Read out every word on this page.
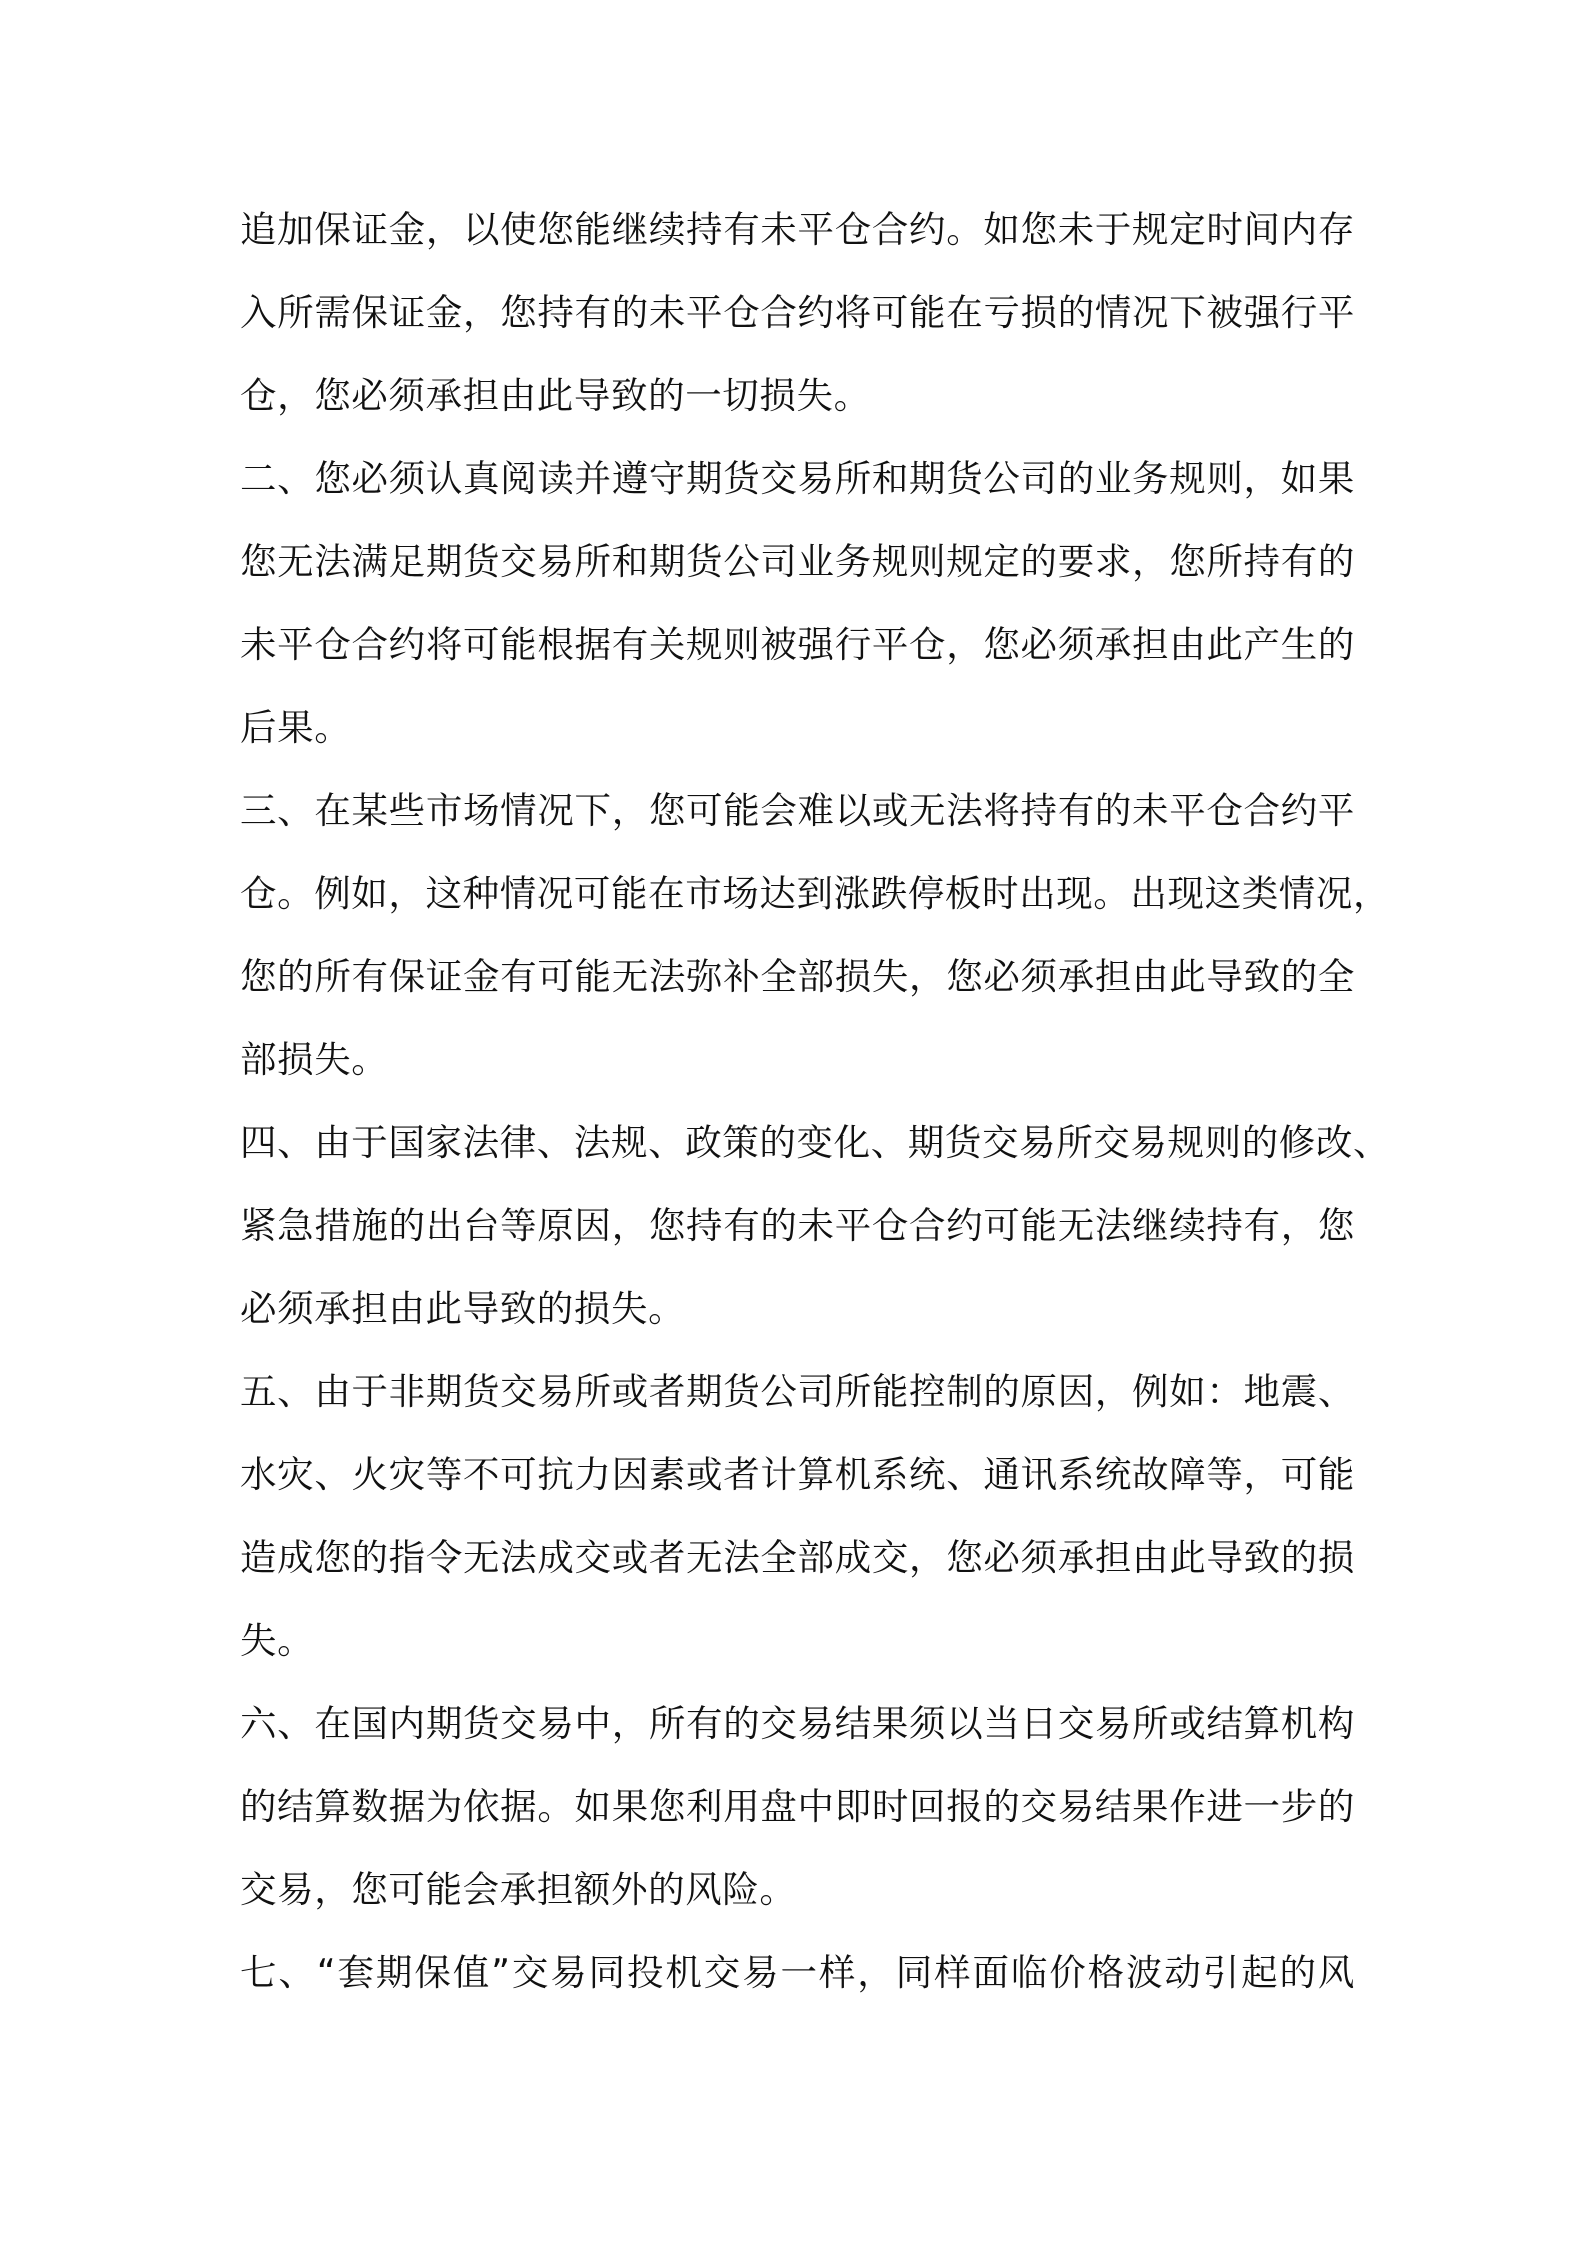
追加保证金，以使您能继续持有未平仓合约。如您未于规定时间内存
入所需保证金，您持有的未平仓合约将可能在亏损的情况下被强行平
仓，您必须承担由此导致的一切损失。
二、您必须认真阅读并遵守期货交易所和期货公司的业务规则，如果
您无法满足期货交易所和期货公司业务规则规定的要求，您所持有的
未平仓合约将可能根据有关规则被强行平仓，您必须承担由此产生的
后果。
三、在某些市场情况下，您可能会难以或无法将持有的未平仓合约平
仓。例如，这种情况可能在市场达到涨跌停板时出现。出现这类情况，
您的所有保证金有可能无法弥补全部损失，您必须承担由此导致的全
部损失。
四、由于国家法律、法规、政策的变化、期货交易所交易规则的修改、
紧急措施的出台等原因，您持有的未平仓合约可能无法继续持有，您
必须承担由此导致的损失。
五、由于非期货交易所或者期货公司所能控制的原因，例如：地震、
水灾、火灾等不可抗力因素或者计算机系统、通讯系统故障等，可能
造成您的指令无法成交或者无法全部成交，您必须承担由此导致的损
失。
六、在国内期货交易中，所有的交易结果须以当日交易所或结算机构
的结算数据为依据。如果您利用盘中即时回报的交易结果作进一步的
交易，您可能会承担额外的风险。
七、“套期保值”交易同投机交易一样，同样面临价格波动引起的风
